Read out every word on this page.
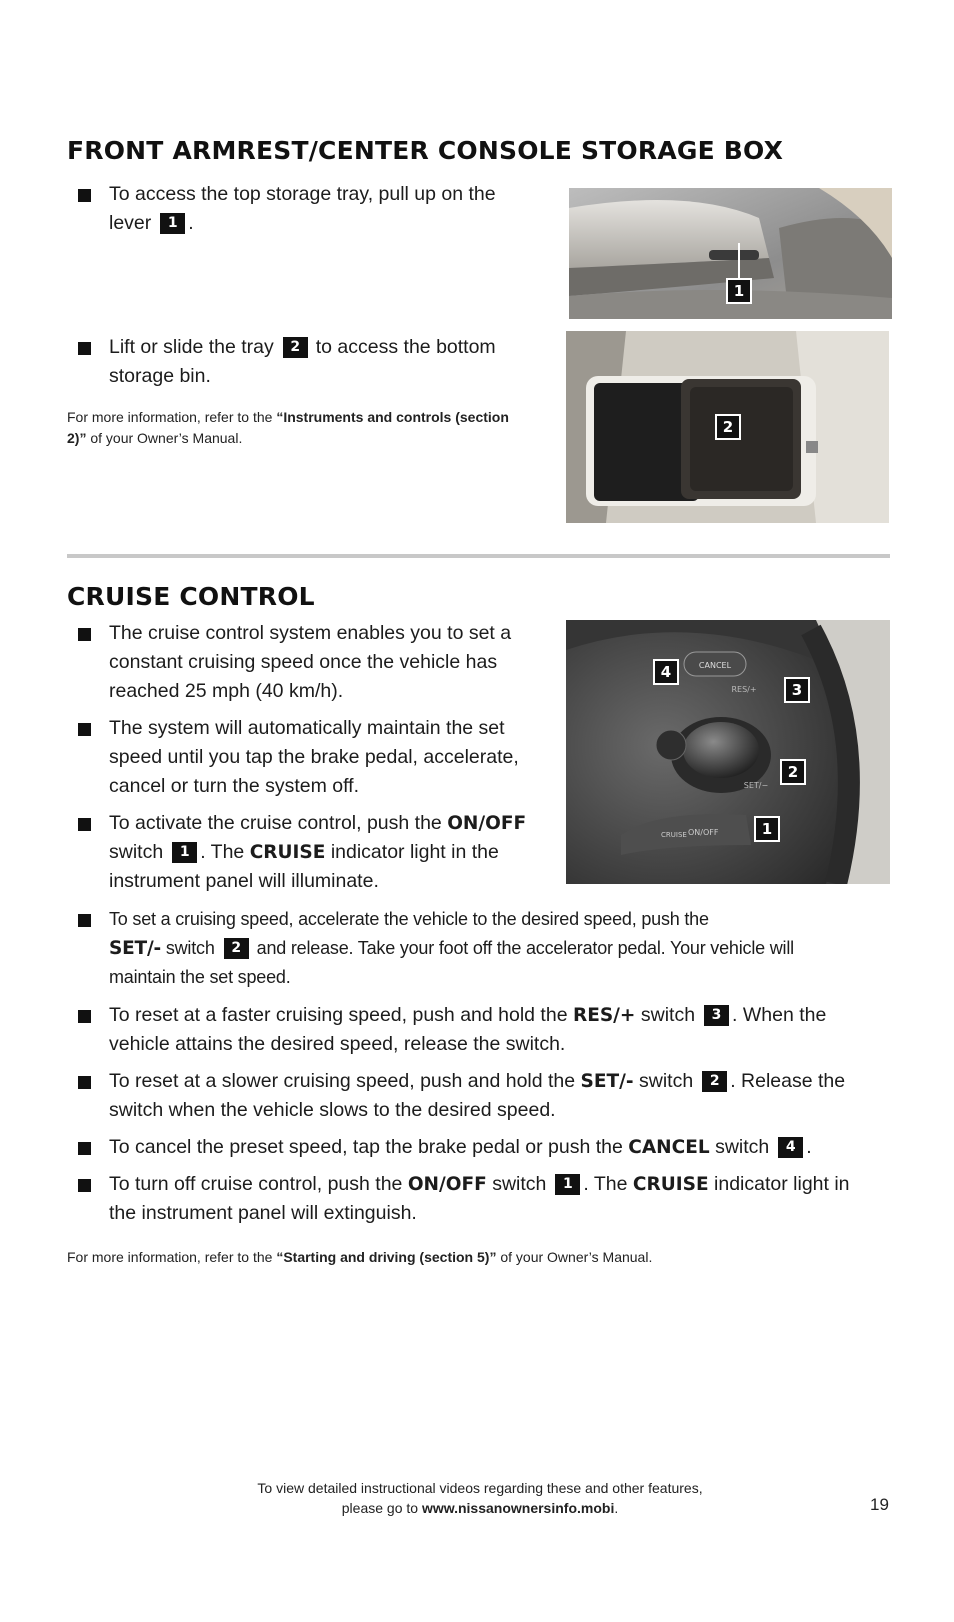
FRONT ARMREST/CENTER CONSOLE STORAGE BOX
To access the top storage tray, pull up on the
lever 1 .
Lift or slide the tray 2 to access the bottom
storage bin.
For more information, refer to the “Instruments and controls (section
2)” of your Owner’s Manual.
1
2
CRUISE CONTROL
The cruise control system enables you to set a
constant cruising speed once the vehicle has
reached 25 mph (40 km/h).
The system will automatically maintain the set
speed until you tap the brake pedal, accelerate,
cancel or turn the system off.
To activate the cruise control, push the ON/OFF
switch 1 . The CRUISE indicator light in the
instrument panel will illuminate.
To set a cruising speed, accelerate the vehicle to the desired speed, push the
SET/- switch 2 and release. Take your foot off the accelerator pedal. Your vehicle will
maintain the set speed.
To reset at a faster cruising speed, push and hold the RES/+ switch 3 . When the
vehicle attains the desired speed, release the switch.
To reset at a slower cruising speed, push and hold the SET/- switch 2 . Release the
switch when the vehicle slows to the desired speed.
To cancel the preset speed, tap the brake pedal or push the CANCEL switch 4 .
To turn off cruise control, push the ON/OFF switch 1 . The CRUISE indicator light in
the instrument panel will extinguish.
For more information, refer to the “Starting and driving (section 5)” of your Owner’s Manual.
CANCEL
RES/+
SET/−
CRUISE ON/OFF
4
3
2
1
To view detailed instructional videos regarding these and other features,
please go to www.nissanownersinfo.mobi.	19
